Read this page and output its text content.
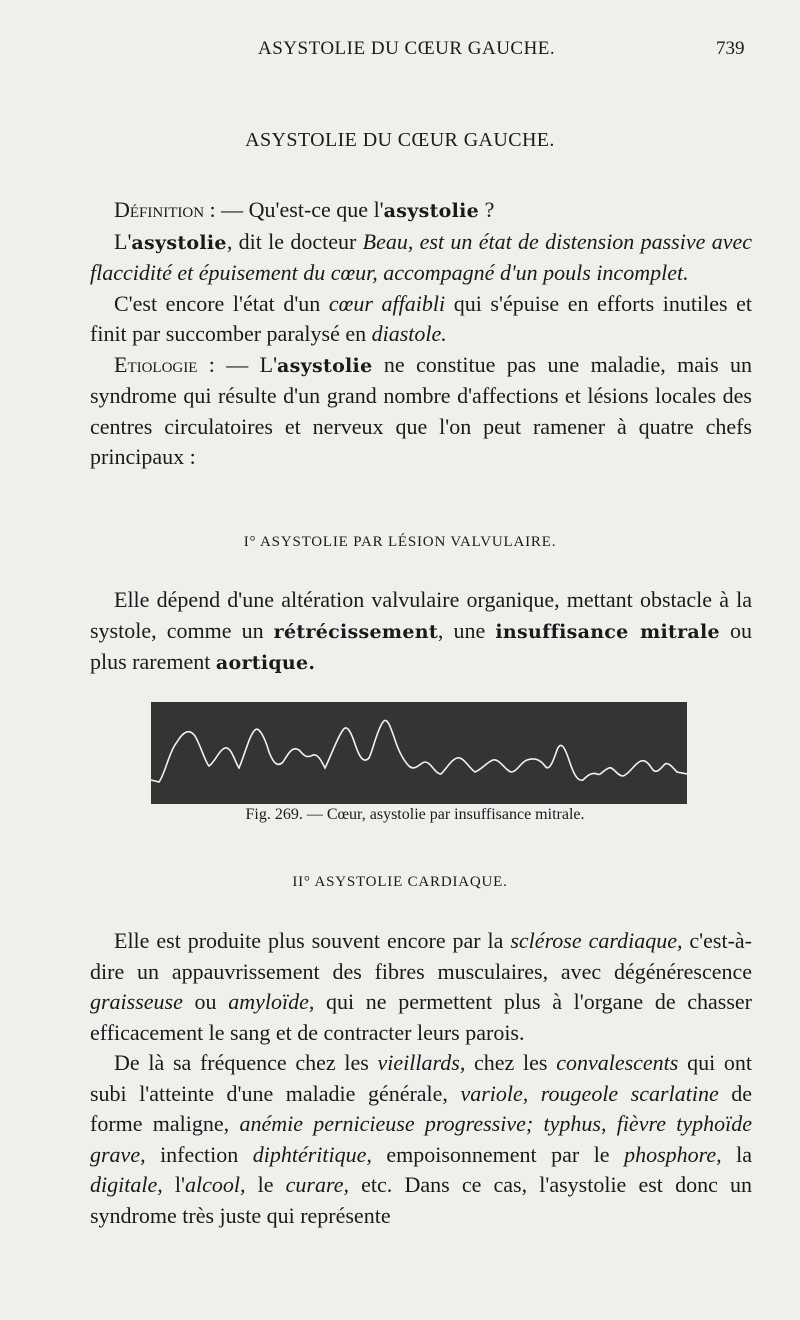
ASYSTOLIE DU CŒUR GAUCHE.	739
ASYSTOLIE DU CŒUR GAUCHE.

Définition : — Qu'est-ce que l'asystolie ?

L'asystolie, dit le docteur Beau, est un état de distension passive avec flaccidité et épuisement du cœur, accompagné d'un pouls incomplet.

C'est encore l'état d'un cœur affaibli qui s'épuise en efforts inutiles et finit par succomber paralysé en diastole.

Etiologie : — L'asystolie ne constitue pas une maladie, mais un syndrome qui résulte d'un grand nombre d'affections et lésions locales des centres circulatoires et nerveux que l'on peut ramener à quatre chefs principaux :

I° ASYSTOLIE PAR LÉSION VALVULAIRE.

Elle dépend d'une altération valvulaire organique, mettant obstacle à la systole, comme un rétrécissement, une insuffisance mitrale ou plus rarement aortique.

Fig. 269. — Cœur, asystolie par insuffisance mitrale.
II° ASYSTOLIE CARDIAQUE.

Elle est produite plus souvent encore par la sclérose cardiaque, c'est-à-dire un appauvrissement des fibres musculaires, avec dégénérescence graisseuse ou amyloïde, qui ne permettent plus à l'organe de chasser efficacement le sang et de contracter leurs parois.

De là sa fréquence chez les vieillards, chez les convalescents qui ont subi l'atteinte d'une maladie générale, variole, rougeole scarlatine de forme maligne, anémie pernicieuse progressive; typhus, fièvre typhoïde grave, infection diphtéritique, empoisonnement par le phosphore, la digitale, l'alcool, le curare, etc. Dans ce cas, l'asystolie est donc un syndrome très juste qui représente
